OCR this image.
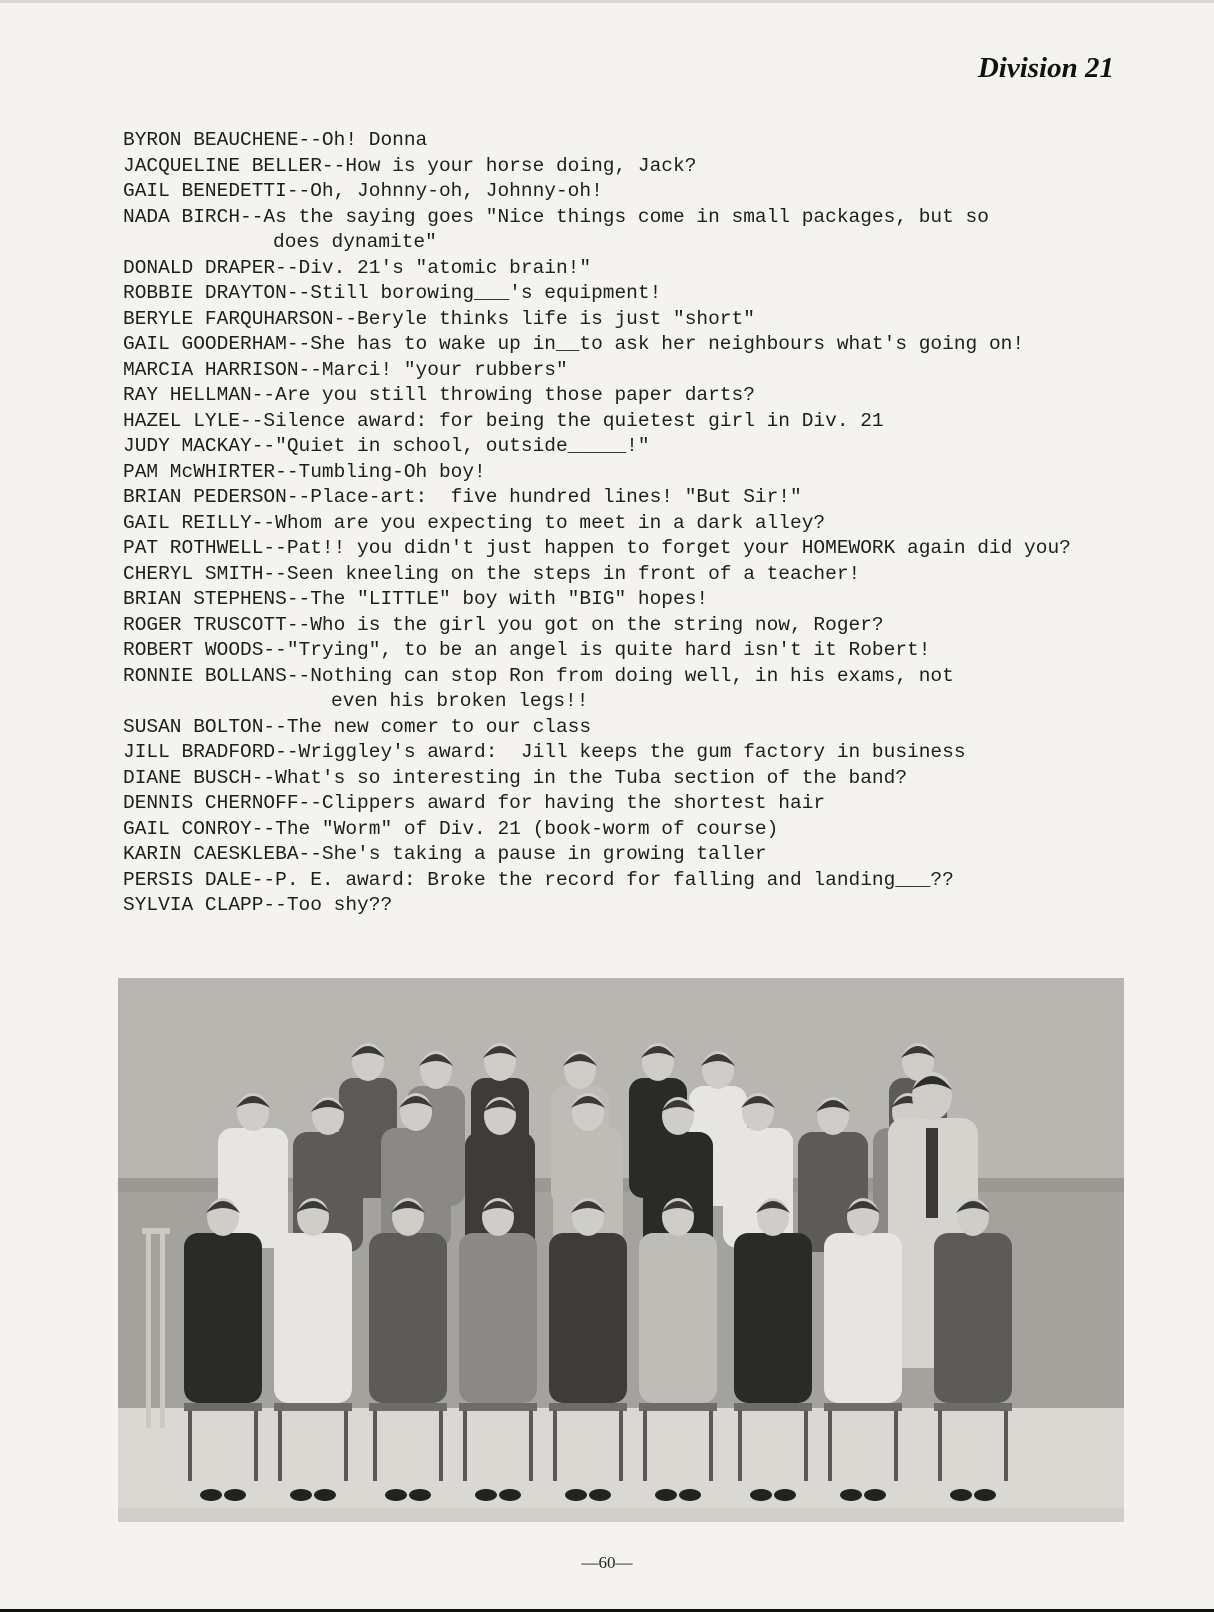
Division 21

BYRON BEAUCHENE--Oh! Donna

JACQUELINE BELLER--How is your horse doing, Jack?

GAIL BENEDETTI--Oh, Johnny-oh, Johnny-oh!

NADA BIRCH--As the saying goes "Nice things come in small packages, but so

does dynamite"

DONALD DRAPER--Div. 21's "atomic brain!"

ROBBIE DRAYTON--Still borowing___'s equipment!

BERYLE FARQUHARSON--Beryle thinks life is just "short"

GAIL GOODERHAM--She has to wake up in__to ask her neighbours what's going on!

MARCIA HARRISON--Marci! "your rubbers"

RAY HELLMAN--Are you still throwing those paper darts?

HAZEL LYLE--Silence award: for being the quietest girl in Div. 21

JUDY MACKAY--"Quiet in school, outside_____!"

PAM McWHIRTER--Tumbling-Oh boy!

BRIAN PEDERSON--Place-art:  five hundred lines! "But Sir!"

GAIL REILLY--Whom are you expecting to meet in a dark alley?

PAT ROTHWELL--Pat!! you didn't just happen to forget your HOMEWORK again did you?

CHERYL SMITH--Seen kneeling on the steps in front of a teacher!

BRIAN STEPHENS--The "LITTLE" boy with "BIG" hopes!

ROGER TRUSCOTT--Who is the girl you got on the string now, Roger?

ROBERT WOODS--"Trying", to be an angel is quite hard isn't it Robert!

RONNIE BOLLANS--Nothing can stop Ron from doing well, in his exams, not

even his broken legs!!

SUSAN BOLTON--The new comer to our class

JILL BRADFORD--Wriggley's award:  Jill keeps the gum factory in business

DIANE BUSCH--What's so interesting in the Tuba section of the band?

DENNIS CHERNOFF--Clippers award for having the shortest hair

GAIL CONROY--The "Worm" of Div. 21 (book-worm of course)

KARIN CAESKLEBA--She's taking a pause in growing taller

PERSIS DALE--P. E. award: Broke the record for falling and landing___??

SYLVIA CLAPP--Too shy??

—60—
